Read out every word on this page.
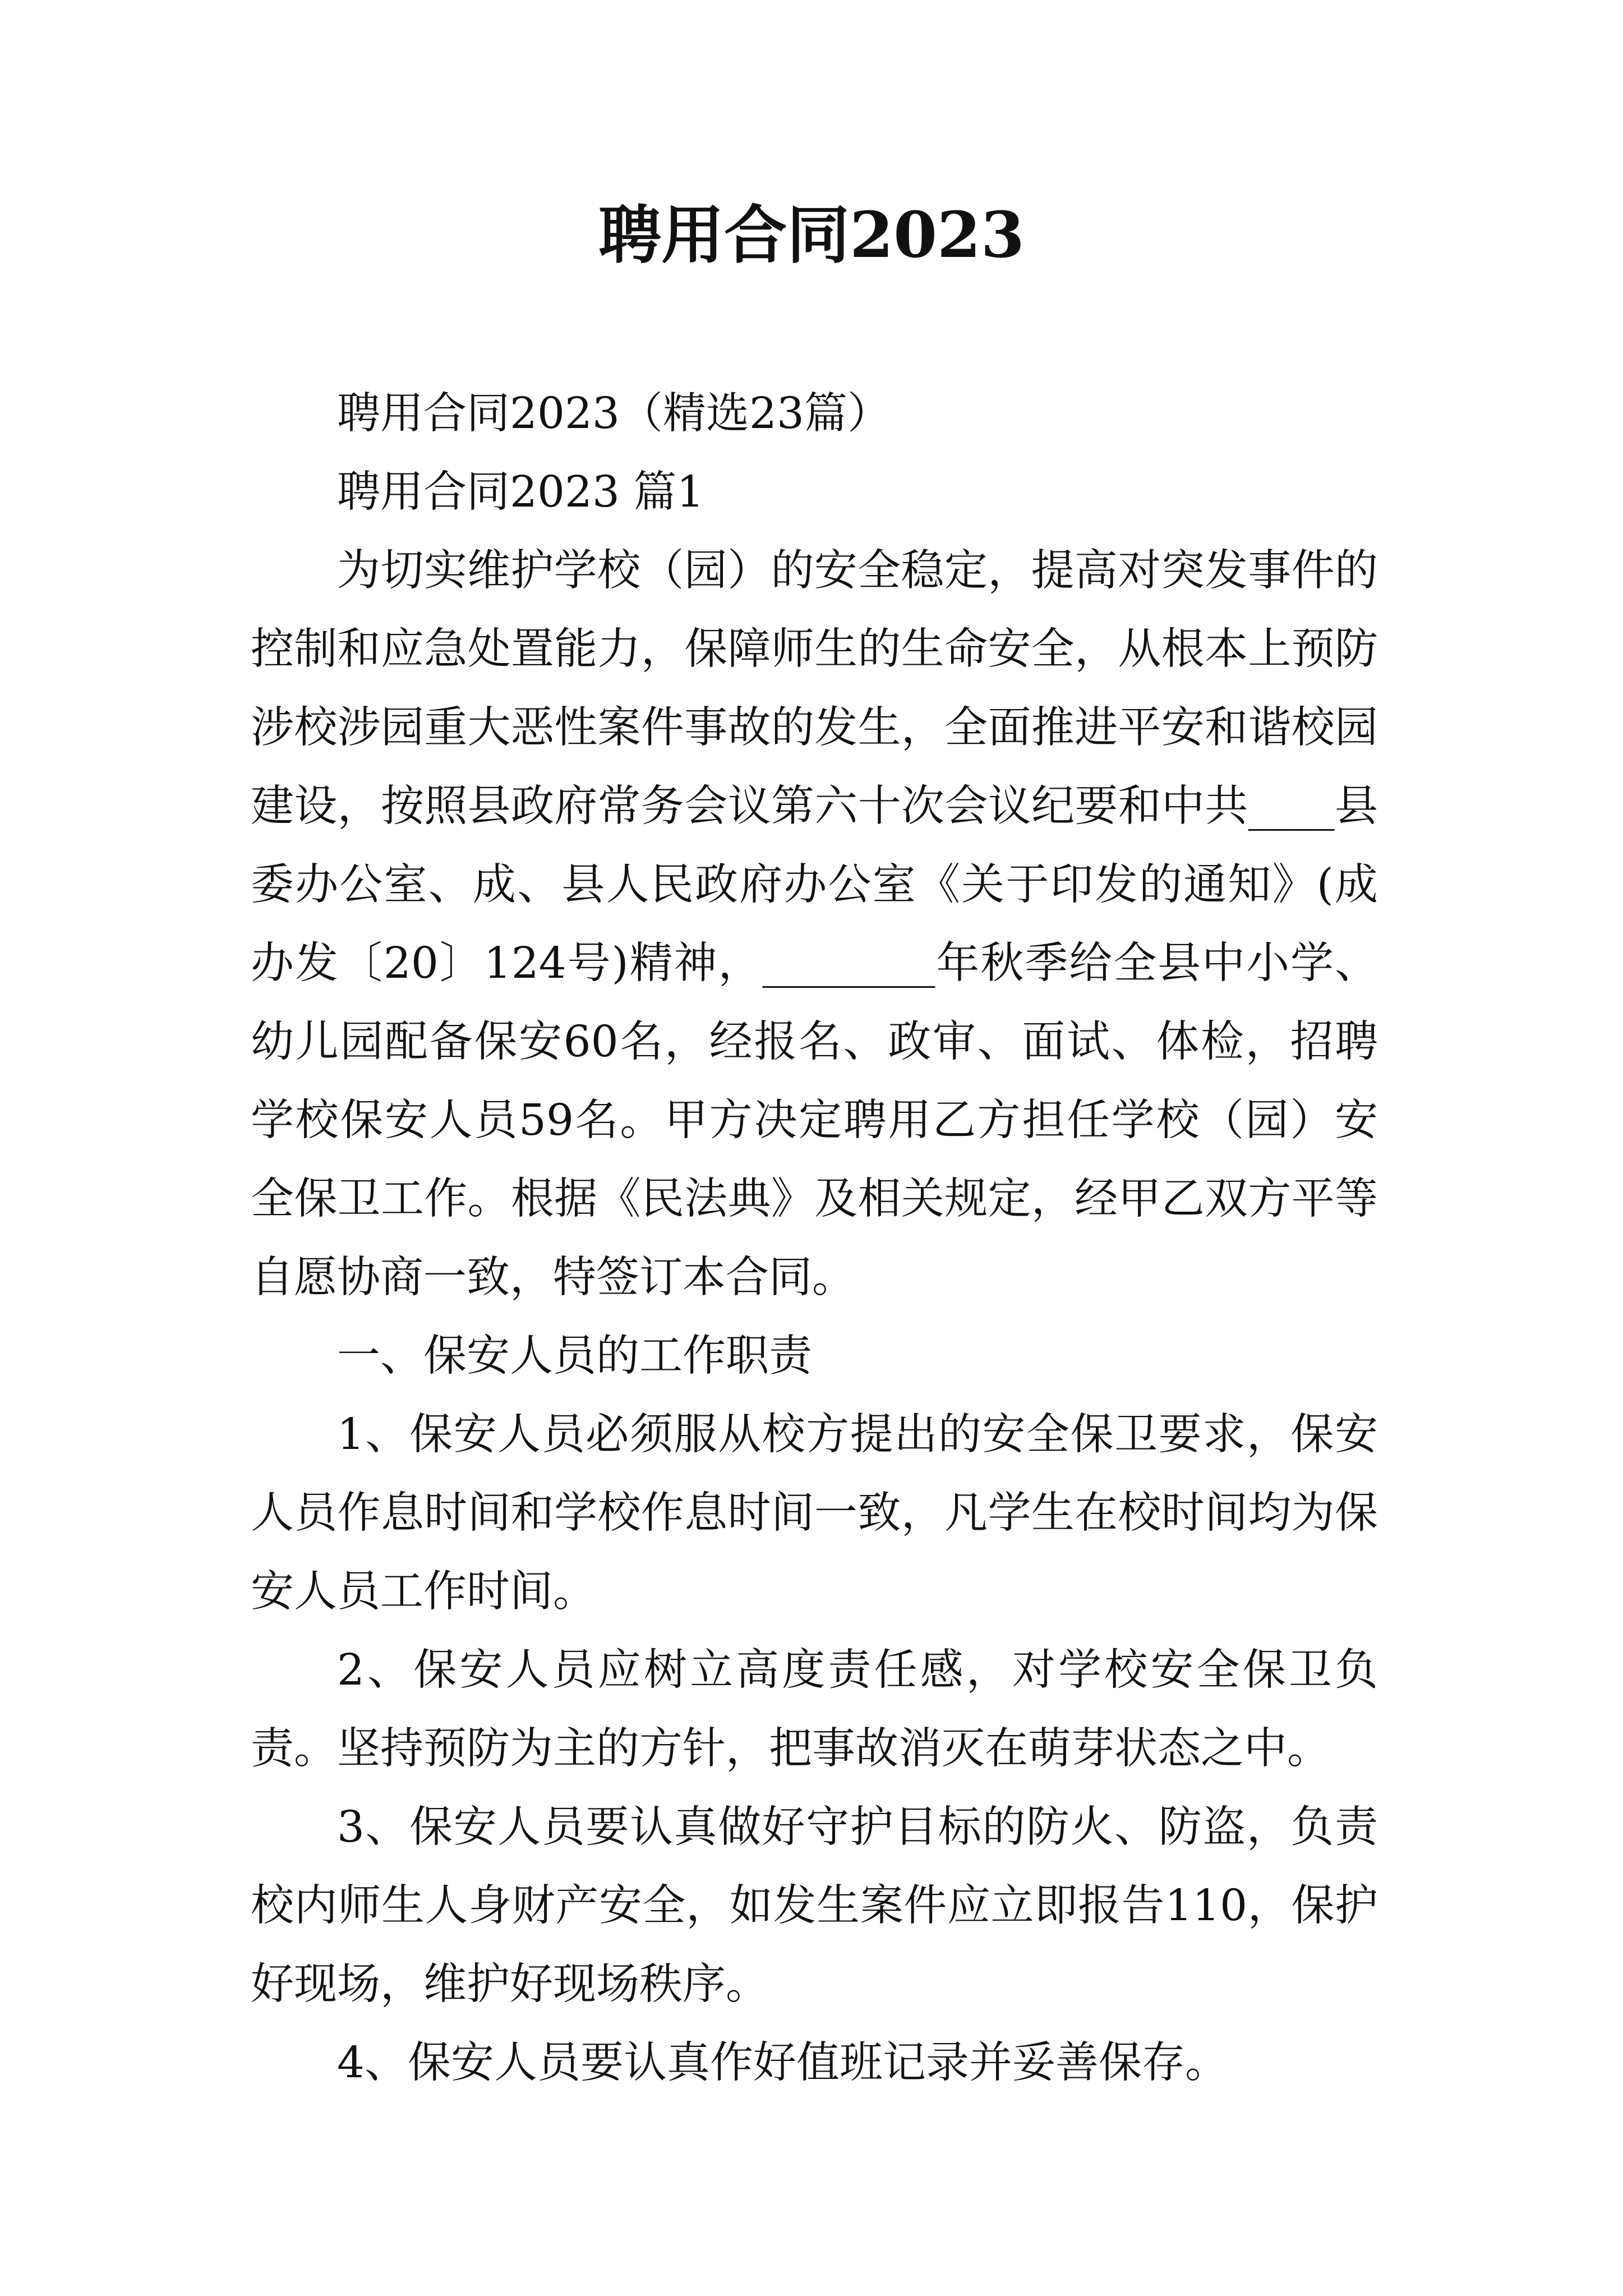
聘用合同2023

聘用合同2023（精选23篇）

聘用合同2023 篇1

为切实维护学校（园）的安全稳定，提高对突发事件的控制和应急处置能力，保障师生的生命安全，从根本上预防涉校涉园重大恶性案件事故的发生，全面推进平安和谐校园建设，按照县政府常务会议第六十次会议纪要和中共____县委办公室、成、县人民政府办公室《关于印发的通知》(成办发〔20〕124号)精神，________年秋季给全县中小学、幼儿园配备保安60名，经报名、政审、面试、体检，招聘学校保安人员59名。甲方决定聘用乙方担任学校（园）安全保卫工作。根据《民法典》及相关规定，经甲乙双方平等自愿协商一致，特签订本合同。

一、保安人员的工作职责

1、保安人员必须服从校方提出的安全保卫要求，保安人员作息时间和学校作息时间一致，凡学生在校时间均为保安人员工作时间。

2、保安人员应树立高度责任感，对学校安全保卫负责。坚持预防为主的方针，把事故消灭在萌芽状态之中。

3、保安人员要认真做好守护目标的防火、防盗，负责校内师生人身财产安全，如发生案件应立即报告110，保护好现场，维护好现场秩序。

4、保安人员要认真作好值班记录并妥善保存。
